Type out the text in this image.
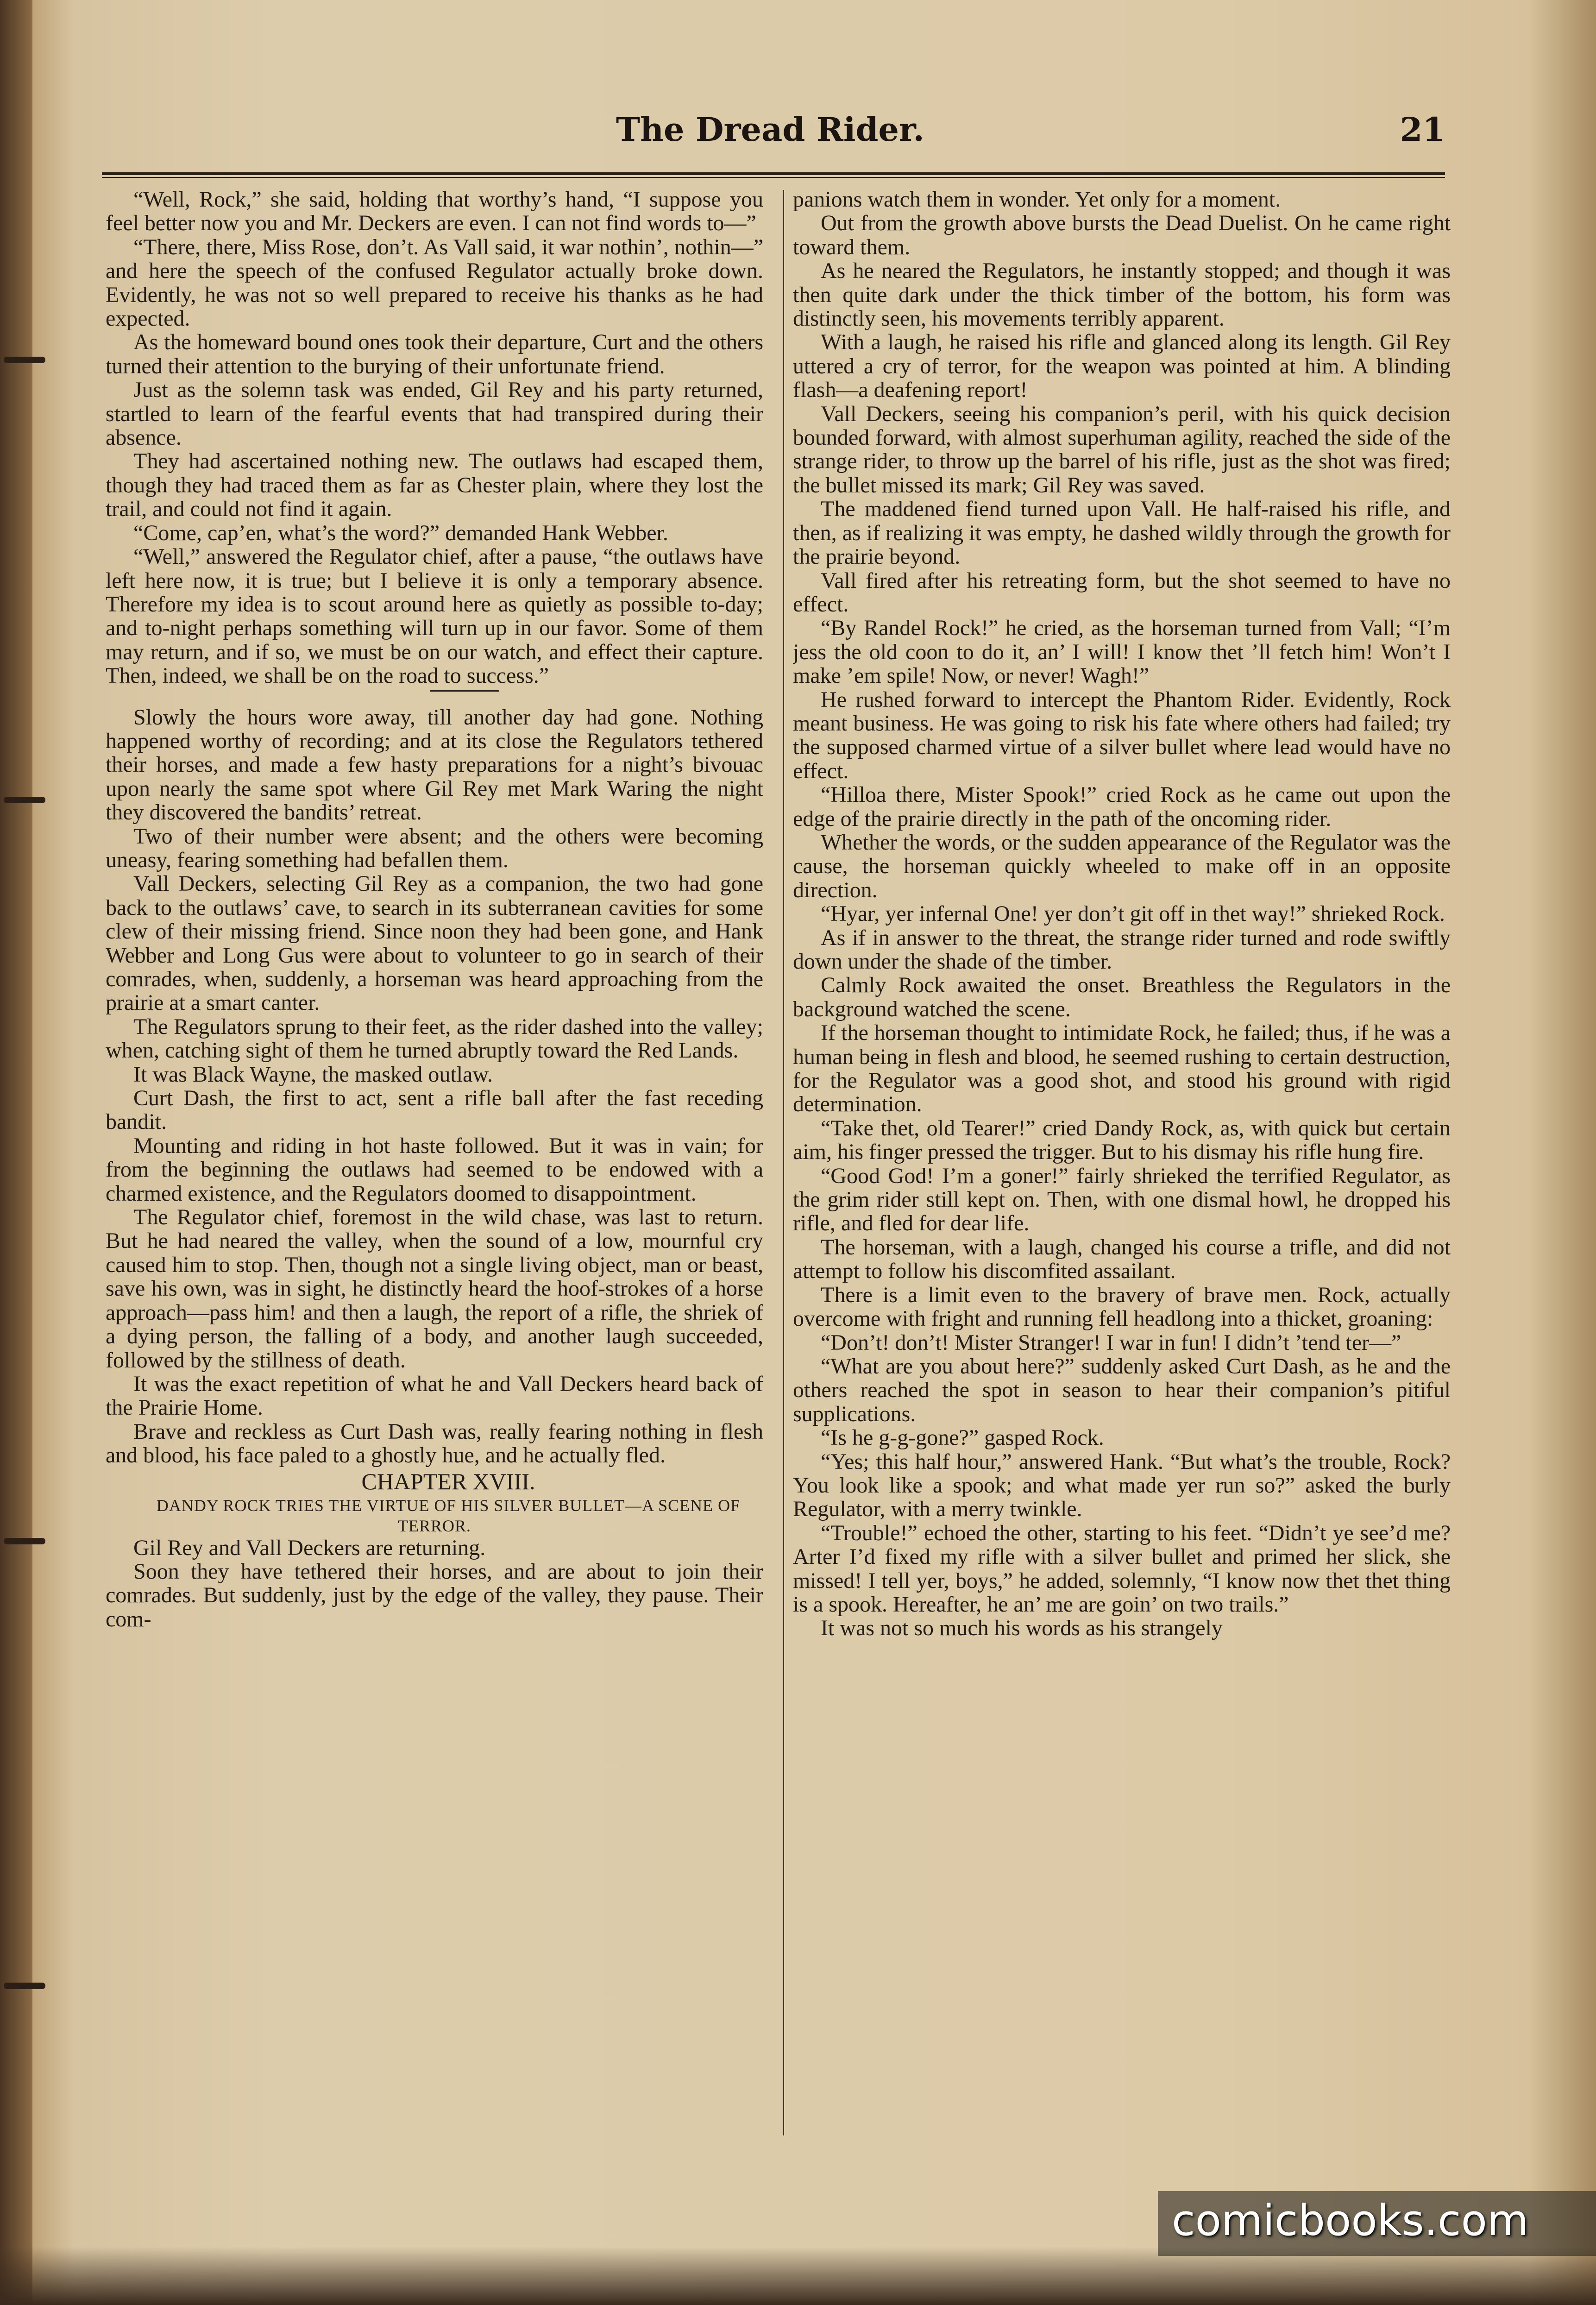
The Dread Rider.	21

“Well, Rock,” she said, holding that worthy’s hand, “I suppose you feel better now you and Mr. Deckers are even. I can not find words to—”

“There, there, Miss Rose, don’t. As Vall said, it war nothin’, nothin—” and here the speech of the confused Regulator actually broke down. Evidently, he was not so well prepared to receive his thanks as he had expected.

As the homeward bound ones took their departure, Curt and the others turned their attention to the burying of their unfortunate friend.

Just as the solemn task was ended, Gil Rey and his party returned, startled to learn of the fearful events that had transpired during their absence.

They had ascertained nothing new. The outlaws had escaped them, though they had traced them as far as Chester plain, where they lost the trail, and could not find it again.

“Come, cap’en, what’s the word?” demanded Hank Webber.

“Well,” answered the Regulator chief, after a pause, “the outlaws have left here now, it is true; but I believe it is only a temporary absence. Therefore my idea is to scout around here as quietly as possible to-day; and to-night perhaps something will turn up in our favor. Some of them may return, and if so, we must be on our watch, and effect their capture. Then, indeed, we shall be on the road to success.”

Slowly the hours wore away, till another day had gone. Nothing happened worthy of recording; and at its close the Regulators tethered their horses, and made a few hasty preparations for a night’s bivouac upon nearly the same spot where Gil Rey met Mark Waring the night they discovered the bandits’ retreat.

Two of their number were absent; and the others were becoming uneasy, fearing something had befallen them.

Vall Deckers, selecting Gil Rey as a companion, the two had gone back to the outlaws’ cave, to search in its subterranean cavities for some clew of their missing friend. Since noon they had been gone, and Hank Webber and Long Gus were about to volunteer to go in search of their comrades, when, suddenly, a horseman was heard approaching from the prairie at a smart canter.

The Regulators sprung to their feet, as the rider dashed into the valley; when, catching sight of them he turned abruptly toward the Red Lands.

It was Black Wayne, the masked outlaw.

Curt Dash, the first to act, sent a rifle ball after the fast receding bandit.

Mounting and riding in hot haste followed. But it was in vain; for from the beginning the outlaws had seemed to be endowed with a charmed existence, and the Regulators doomed to disappointment.

The Regulator chief, foremost in the wild chase, was last to return. But he had neared the valley, when the sound of a low, mournful cry caused him to stop. Then, though not a single living object, man or beast, save his own, was in sight, he distinctly heard the hoof-strokes of a horse approach—pass him! and then a laugh, the report of a rifle, the shriek of a dying person, the falling of a body, and another laugh succeeded, followed by the stillness of death.

It was the exact repetition of what he and Vall Deckers heard back of the Prairie Home.

Brave and reckless as Curt Dash was, really fearing nothing in flesh and blood, his face paled to a ghostly hue, and he actually fled.

CHAPTER XVIII.

DANDY ROCK TRIES THE VIRTUE OF HIS SILVER BULLET—A SCENE OF TERROR.

Gil Rey and Vall Deckers are returning.

Soon they have tethered their horses, and are about to join their comrades. But suddenly, just by the edge of the valley, they pause. Their com-

panions watch them in wonder. Yet only for a moment.

Out from the growth above bursts the Dead Duelist. On he came right toward them.

As he neared the Regulators, he instantly stopped; and though it was then quite dark under the thick timber of the bottom, his form was distinctly seen, his movements terribly apparent.

With a laugh, he raised his rifle and glanced along its length. Gil Rey uttered a cry of terror, for the weapon was pointed at him. A blinding flash—a deafening report!

Vall Deckers, seeing his companion’s peril, with his quick decision bounded forward, with almost superhuman agility, reached the side of the strange rider, to throw up the barrel of his rifle, just as the shot was fired; the bullet missed its mark; Gil Rey was saved.

The maddened fiend turned upon Vall. He half-raised his rifle, and then, as if realizing it was empty, he dashed wildly through the growth for the prairie beyond.

Vall fired after his retreating form, but the shot seemed to have no effect.

“By Randel Rock!” he cried, as the horseman turned from Vall; “I’m jess the old coon to do it, an’ I will! I know thet ’ll fetch him! Won’t I make ’em spile! Now, or never! Wagh!”

He rushed forward to intercept the Phantom Rider. Evidently, Rock meant business. He was going to risk his fate where others had failed; try the supposed charmed virtue of a silver bullet where lead would have no effect.

“Hilloa there, Mister Spook!” cried Rock as he came out upon the edge of the prairie directly in the path of the oncoming rider.

Whether the words, or the sudden appearance of the Regulator was the cause, the horseman quickly wheeled to make off in an opposite direction.

“Hyar, yer infernal One! yer don’t git off in thet way!” shrieked Rock.

As if in answer to the threat, the strange rider turned and rode swiftly down under the shade of the timber.

Calmly Rock awaited the onset. Breathless the Regulators in the background watched the scene.

If the horseman thought to intimidate Rock, he failed; thus, if he was a human being in flesh and blood, he seemed rushing to certain destruction, for the Regulator was a good shot, and stood his ground with rigid determination.

“Take thet, old Tearer!” cried Dandy Rock, as, with quick but certain aim, his finger pressed the trigger. But to his dismay his rifle hung fire.

“Good God! I’m a goner!” fairly shrieked the terrified Regulator, as the grim rider still kept on. Then, with one dismal howl, he dropped his rifle, and fled for dear life.

The horseman, with a laugh, changed his course a trifle, and did not attempt to follow his discomfited assailant.

There is a limit even to the bravery of brave men. Rock, actually overcome with fright and running fell headlong into a thicket, groaning:

“Don’t! don’t! Mister Stranger! I war in fun! I didn’t ’tend ter—”

“What are you about here?” suddenly asked Curt Dash, as he and the others reached the spot in season to hear their companion’s pitiful supplications.

“Is he g-g-gone?” gasped Rock.

“Yes; this half hour,” answered Hank. “But what’s the trouble, Rock? You look like a spook; and what made yer run so?” asked the burly Regulator, with a merry twinkle.

“Trouble!” echoed the other, starting to his feet. “Didn’t ye see’d me? Arter I’d fixed my rifle with a silver bullet and primed her slick, she missed! I tell yer, boys,” he added, solemnly, “I know now thet thet thing is a spook. Hereafter, he an’ me are goin’ on two trails.”

It was not so much his words as his strangely

comicbooks.com
